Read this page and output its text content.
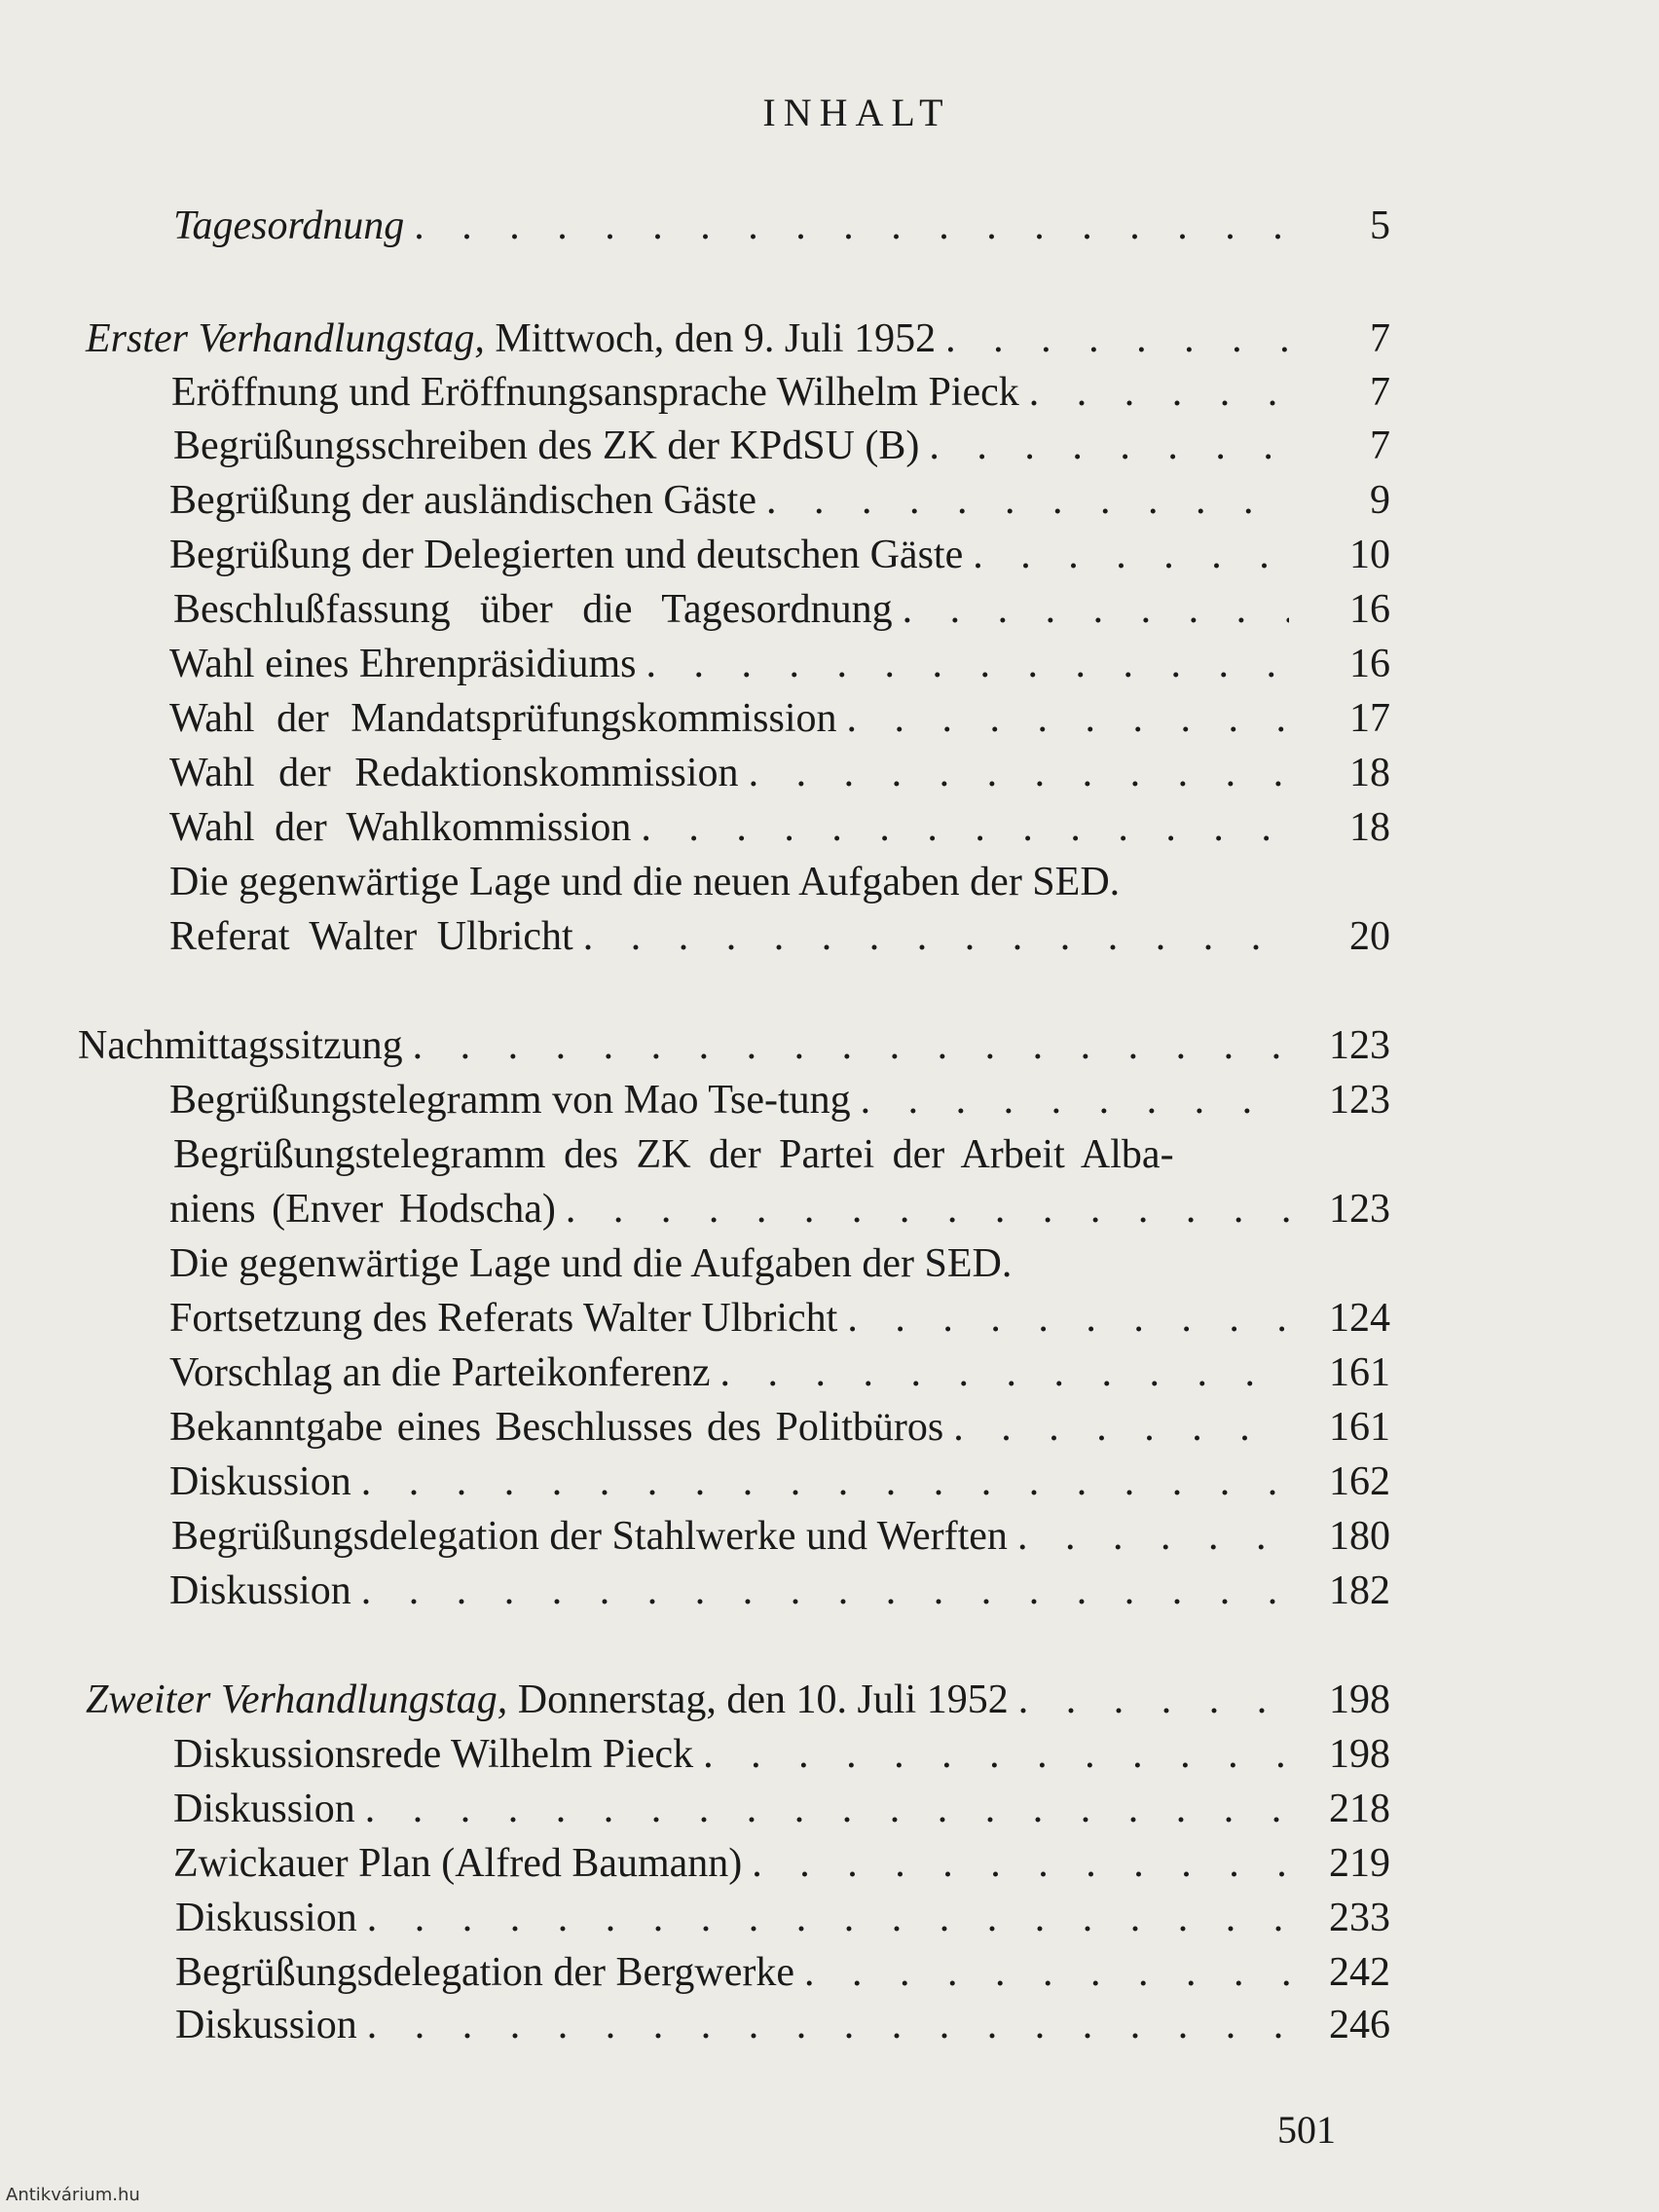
INHALT
Tagesordnung . . .	5
Erster Verhandlungstag, Mittwoch, den 9. Juli 1952 . . .	7
Eröffnung und Eröffnungsansprache Wilhelm Pieck . . .	7
Begrüßungsschreiben des ZK der KPdSU (B) . . .	7
Begrüßung der ausländischen Gäste . . .	9
Begrüßung der Delegierten und deutschen Gäste . . .	10
Beschlußfassung über die Tagesordnung . . .	16
Wahl eines Ehrenpräsidiums . . .	16
Wahl der Mandatsprüfungskommission . . .	17
Wahl der Redaktionskommission . . .	18
Wahl der Wahlkommission . . .	18
Die gegenwärtige Lage und die neuen Aufgaben der SED.
Referat Walter Ulbricht . . .	20
Nachmittagssitzung . . .	123
Begrüßungstelegramm von Mao Tse-tung . . .	123
Begrüßungstelegramm des ZK der Partei der Arbeit Alba-
niens (Enver Hodscha) . . .	123
Die gegenwärtige Lage und die Aufgaben der SED.
Fortsetzung des Referats Walter Ulbricht . . .	124
Vorschlag an die Parteikonferenz . . .	161
Bekanntgabe eines Beschlusses des Politbüros . . .	161
Diskussion . . .	162
Begrüßungsdelegation der Stahlwerke und Werften . . .	180
Diskussion . . .	182
Zweiter Verhandlungstag, Donnerstag, den 10. Juli 1952 . . .	198
Diskussionsrede Wilhelm Pieck . . .	198
Diskussion . . .	218
Zwickauer Plan (Alfred Baumann) . . .	219
Diskussion . . .	233
Begrüßungsdelegation der Bergwerke . . .	242
Diskussion . . .	246
501
Antikvárium.hu
